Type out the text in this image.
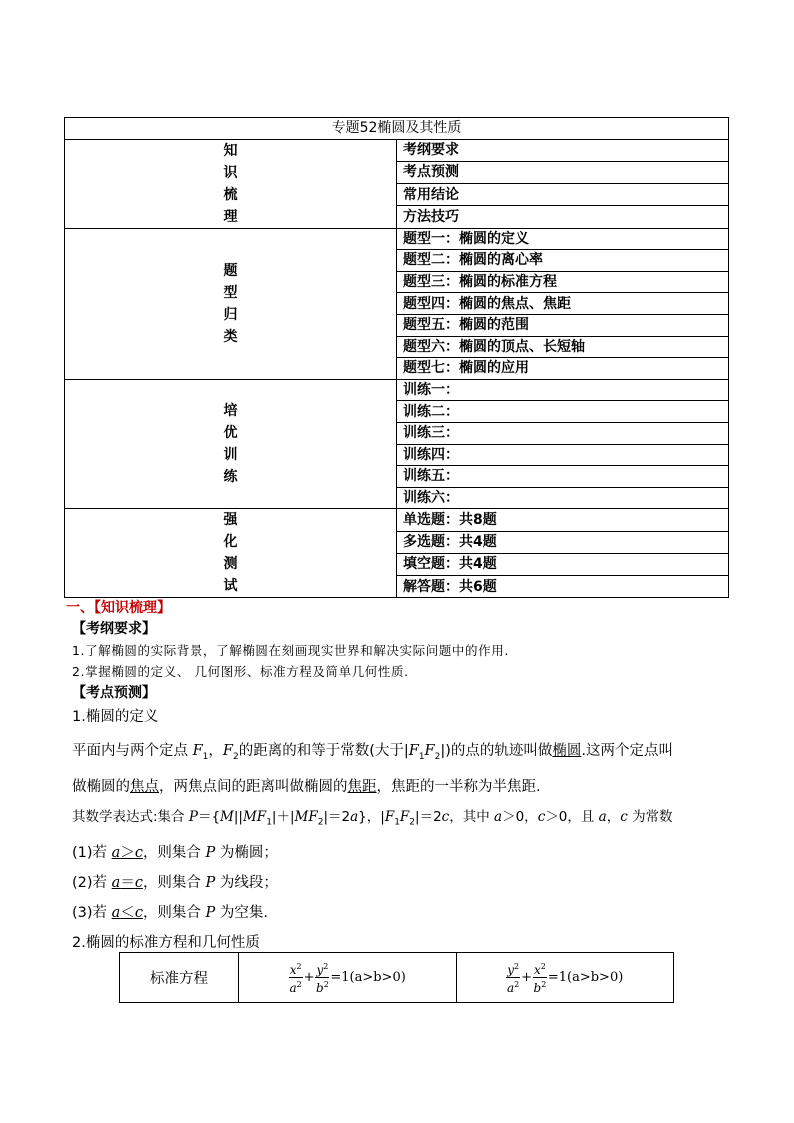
专题52椭圆及其性质	

知
识
梳
理	考纲要求
	考点预测
	常用结论
	方法技巧

题
型
归
类	题型一：椭圆的定义
	题型二：椭圆的离心率
	题型三：椭圆的标准方程
	题型四：椭圆的焦点、焦距
	题型五：椭圆的范围
	题型六：椭圆的顶点、长短轴
	题型七：椭圆的应用

培
优
训
练	训练一：
	训练二：
	训练三：
	训练四：
	训练五：
	训练六：

强
化
测
试	单选题：共8题
	多选题：共4题
	填空题：共4题
	解答题：共6题
一、【知识梳理】
【考纲要求】
1.了解椭圆的实际背景，了解椭圆在刻画现实世界和解决实际问题中的作用.
2.掌握椭圆的定义、 几何图形、标准方程及简单几何性质.
【考点预测】
1.椭圆的定义
平面内与两个定点 $F_1$，$F_2$的距离的和等于常数(大于$|F_1F_2|$)的点的轨迹叫做椭圆.这两个定点叫
做椭圆的焦点，两焦点间的距离叫做椭圆的焦距，焦距的一半称为半焦距.
其数学表达式:集合 $P=\{M||MF_1|+|MF_2|=2a\}$，$|F_1F_2|=2c$，其中 a＞0，c＞0，且 a，c 为常数
(1)若 a＞c，则集合 P 为椭圆；
(2)若 a＝c，则集合 P 为线段；
(3)若 a＜c，则集合 P 为空集.
2.椭圆的标准方程和几何性质
标准方程	$\frac{x^2}{a^2} + \frac{y^2}{b^2} =1(a>b>0)$	$\frac{y^2}{a^2} + \frac{x^2}{b^2} =1(a>b>0)$
